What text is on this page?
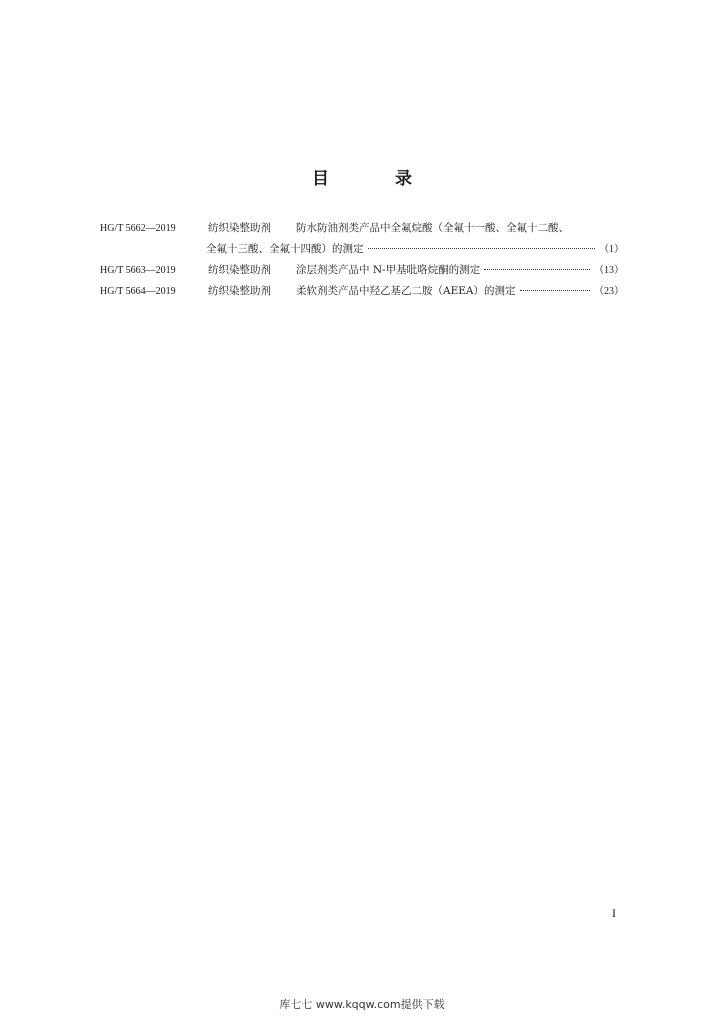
目 录
HG/T 5662—2019	纺织染整助剂	防水防油剂类产品中全氟烷酸（全氟十一酸、全氟十二酸、
全氟十三酸、全氟十四酸）的测定	（1）
HG/T 5663—2019	纺织染整助剂	涂层剂类产品中 N-甲基吡咯烷酮的测定	（13）
HG/T 5664—2019	纺织染整助剂	柔软剂类产品中羟乙基乙二胺（AEEA）的测定	（23）
I
库七七 www.kqqw.com提供下载
